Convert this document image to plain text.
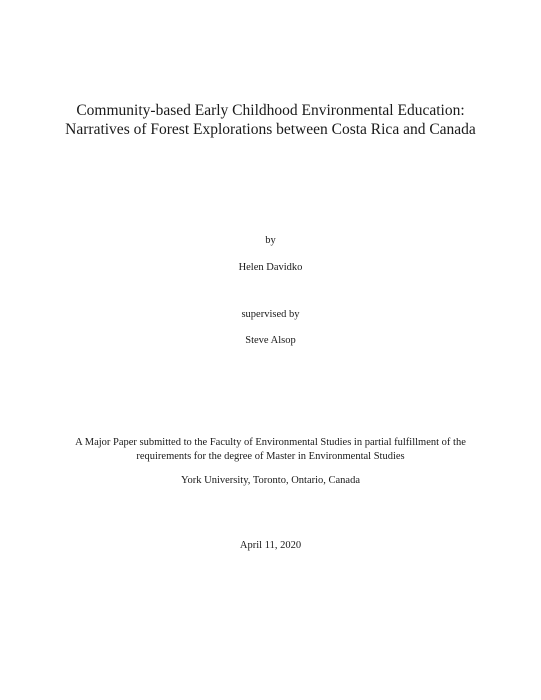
Community-based Early Childhood Environmental Education:
Narratives of Forest Explorations between Costa Rica and Canada
by
Helen Davidko
supervised by
Steve Alsop
A Major Paper submitted to the Faculty of Environmental Studies in partial fulfillment of the
requirements for the degree of Master in Environmental Studies
York University, Toronto, Ontario, Canada
April 11, 2020
